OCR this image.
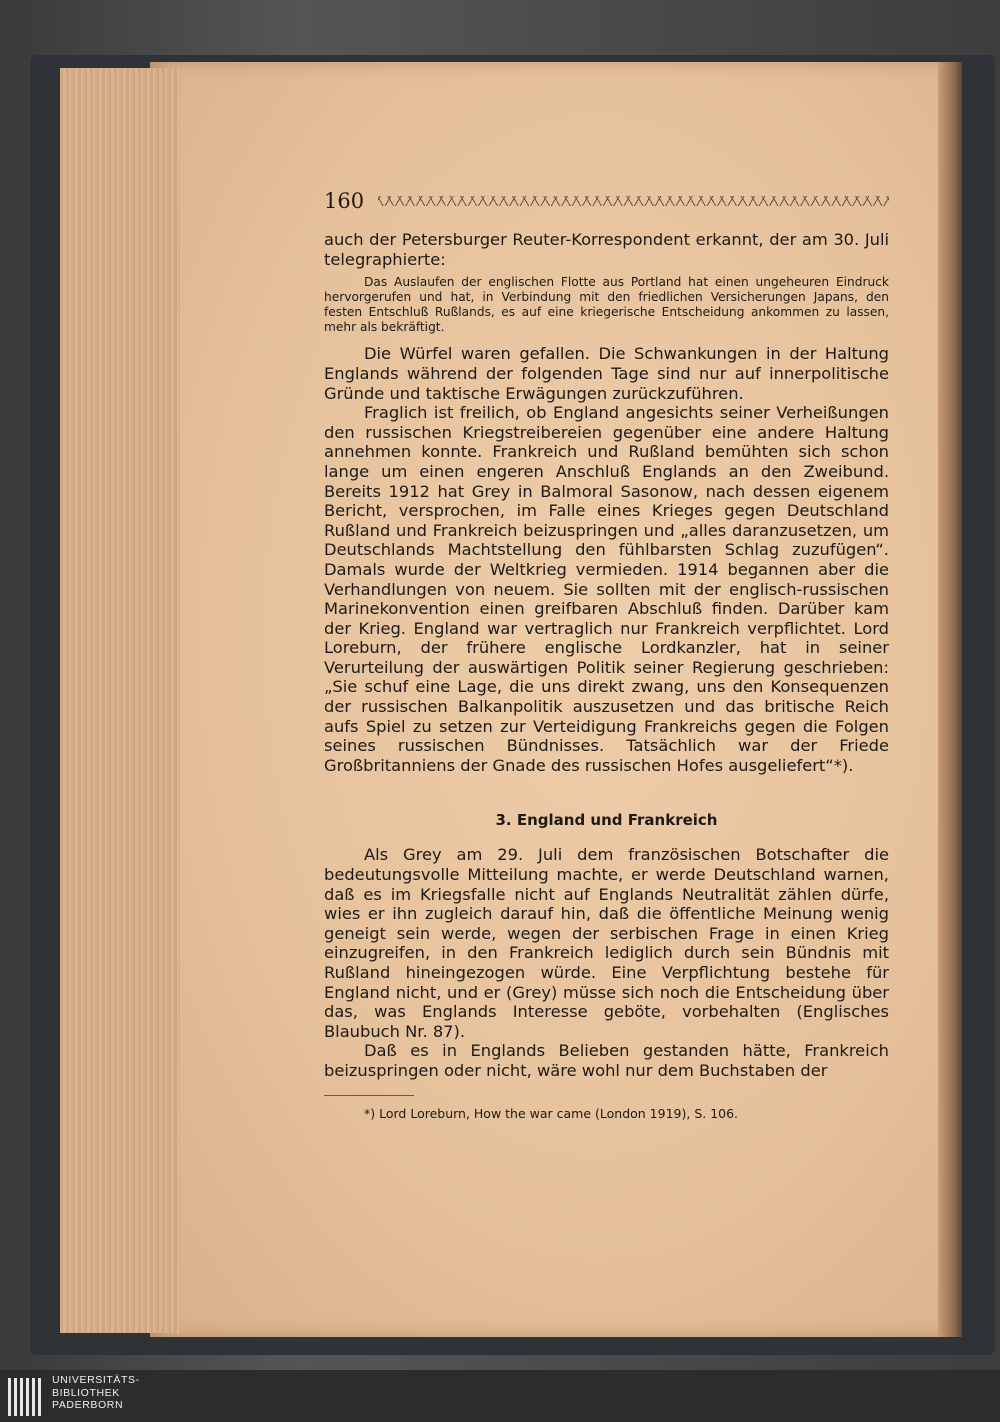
160

auch der Petersburger Reuter-Korrespondent erkannt, der am 30. Juli telegraphierte:

Das Auslaufen der englischen Flotte aus Portland hat einen ungeheuren Eindruck hervorgerufen und hat, in Verbindung mit den friedlichen Versicherungen Japans, den festen Entschluß Rußlands, es auf eine kriegerische Entscheidung ankommen zu lassen, mehr als bekräftigt.

Die Würfel waren gefallen. Die Schwankungen in der Haltung Englands während der folgenden Tage sind nur auf innerpolitische Gründe und taktische Erwägungen zurückzuführen.

Fraglich ist freilich, ob England angesichts seiner Verheißungen den russischen Kriegstreibereien gegenüber eine andere Haltung annehmen konnte. Frankreich und Rußland bemühten sich schon lange um einen engeren Anschluß Englands an den Zweibund. Bereits 1912 hat Grey in Balmoral Sasonow, nach dessen eigenem Bericht, versprochen, im Falle eines Krieges gegen Deutschland Rußland und Frankreich beizuspringen und „alles daranzusetzen, um Deutschlands Machtstellung den fühlbarsten Schlag zuzufügen“. Damals wurde der Weltkrieg vermieden. 1914 begannen aber die Verhandlungen von neuem. Sie sollten mit der englisch-russischen Marinekonvention einen greifbaren Abschluß finden. Darüber kam der Krieg. England war vertraglich nur Frankreich verpflichtet. Lord Loreburn, der frühere englische Lordkanzler, hat in seiner Verurteilung der auswärtigen Politik seiner Regierung geschrieben: „Sie schuf eine Lage, die uns direkt zwang, uns den Konsequenzen der russischen Balkanpolitik auszusetzen und das britische Reich aufs Spiel zu setzen zur Verteidigung Frankreichs gegen die Folgen seines russischen Bündnisses. Tatsächlich war der Friede Großbritanniens der Gnade des russischen Hofes ausgeliefert“*).

3. England und Frankreich

Als Grey am 29. Juli dem französischen Botschafter die bedeutungsvolle Mitteilung machte, er werde Deutschland warnen, daß es im Kriegsfalle nicht auf Englands Neutralität zählen dürfe, wies er ihn zugleich darauf hin, daß die öffentliche Meinung wenig geneigt sein werde, wegen der serbischen Frage in einen Krieg einzugreifen, in den Frankreich lediglich durch sein Bündnis mit Rußland hineingezogen würde. Eine Verpflichtung bestehe für England nicht, und er (Grey) müsse sich noch die Entscheidung über das, was Englands Interesse geböte, vorbehalten (Englisches Blaubuch Nr. 87).

Daß es in Englands Belieben gestanden hätte, Frankreich beizuspringen oder nicht, wäre wohl nur dem Buchstaben der

*) Lord Loreburn, How the war came (London 1919), S. 106.

UNIVERSITÄTS-
BIBLIOTHEK
PADERBORN
